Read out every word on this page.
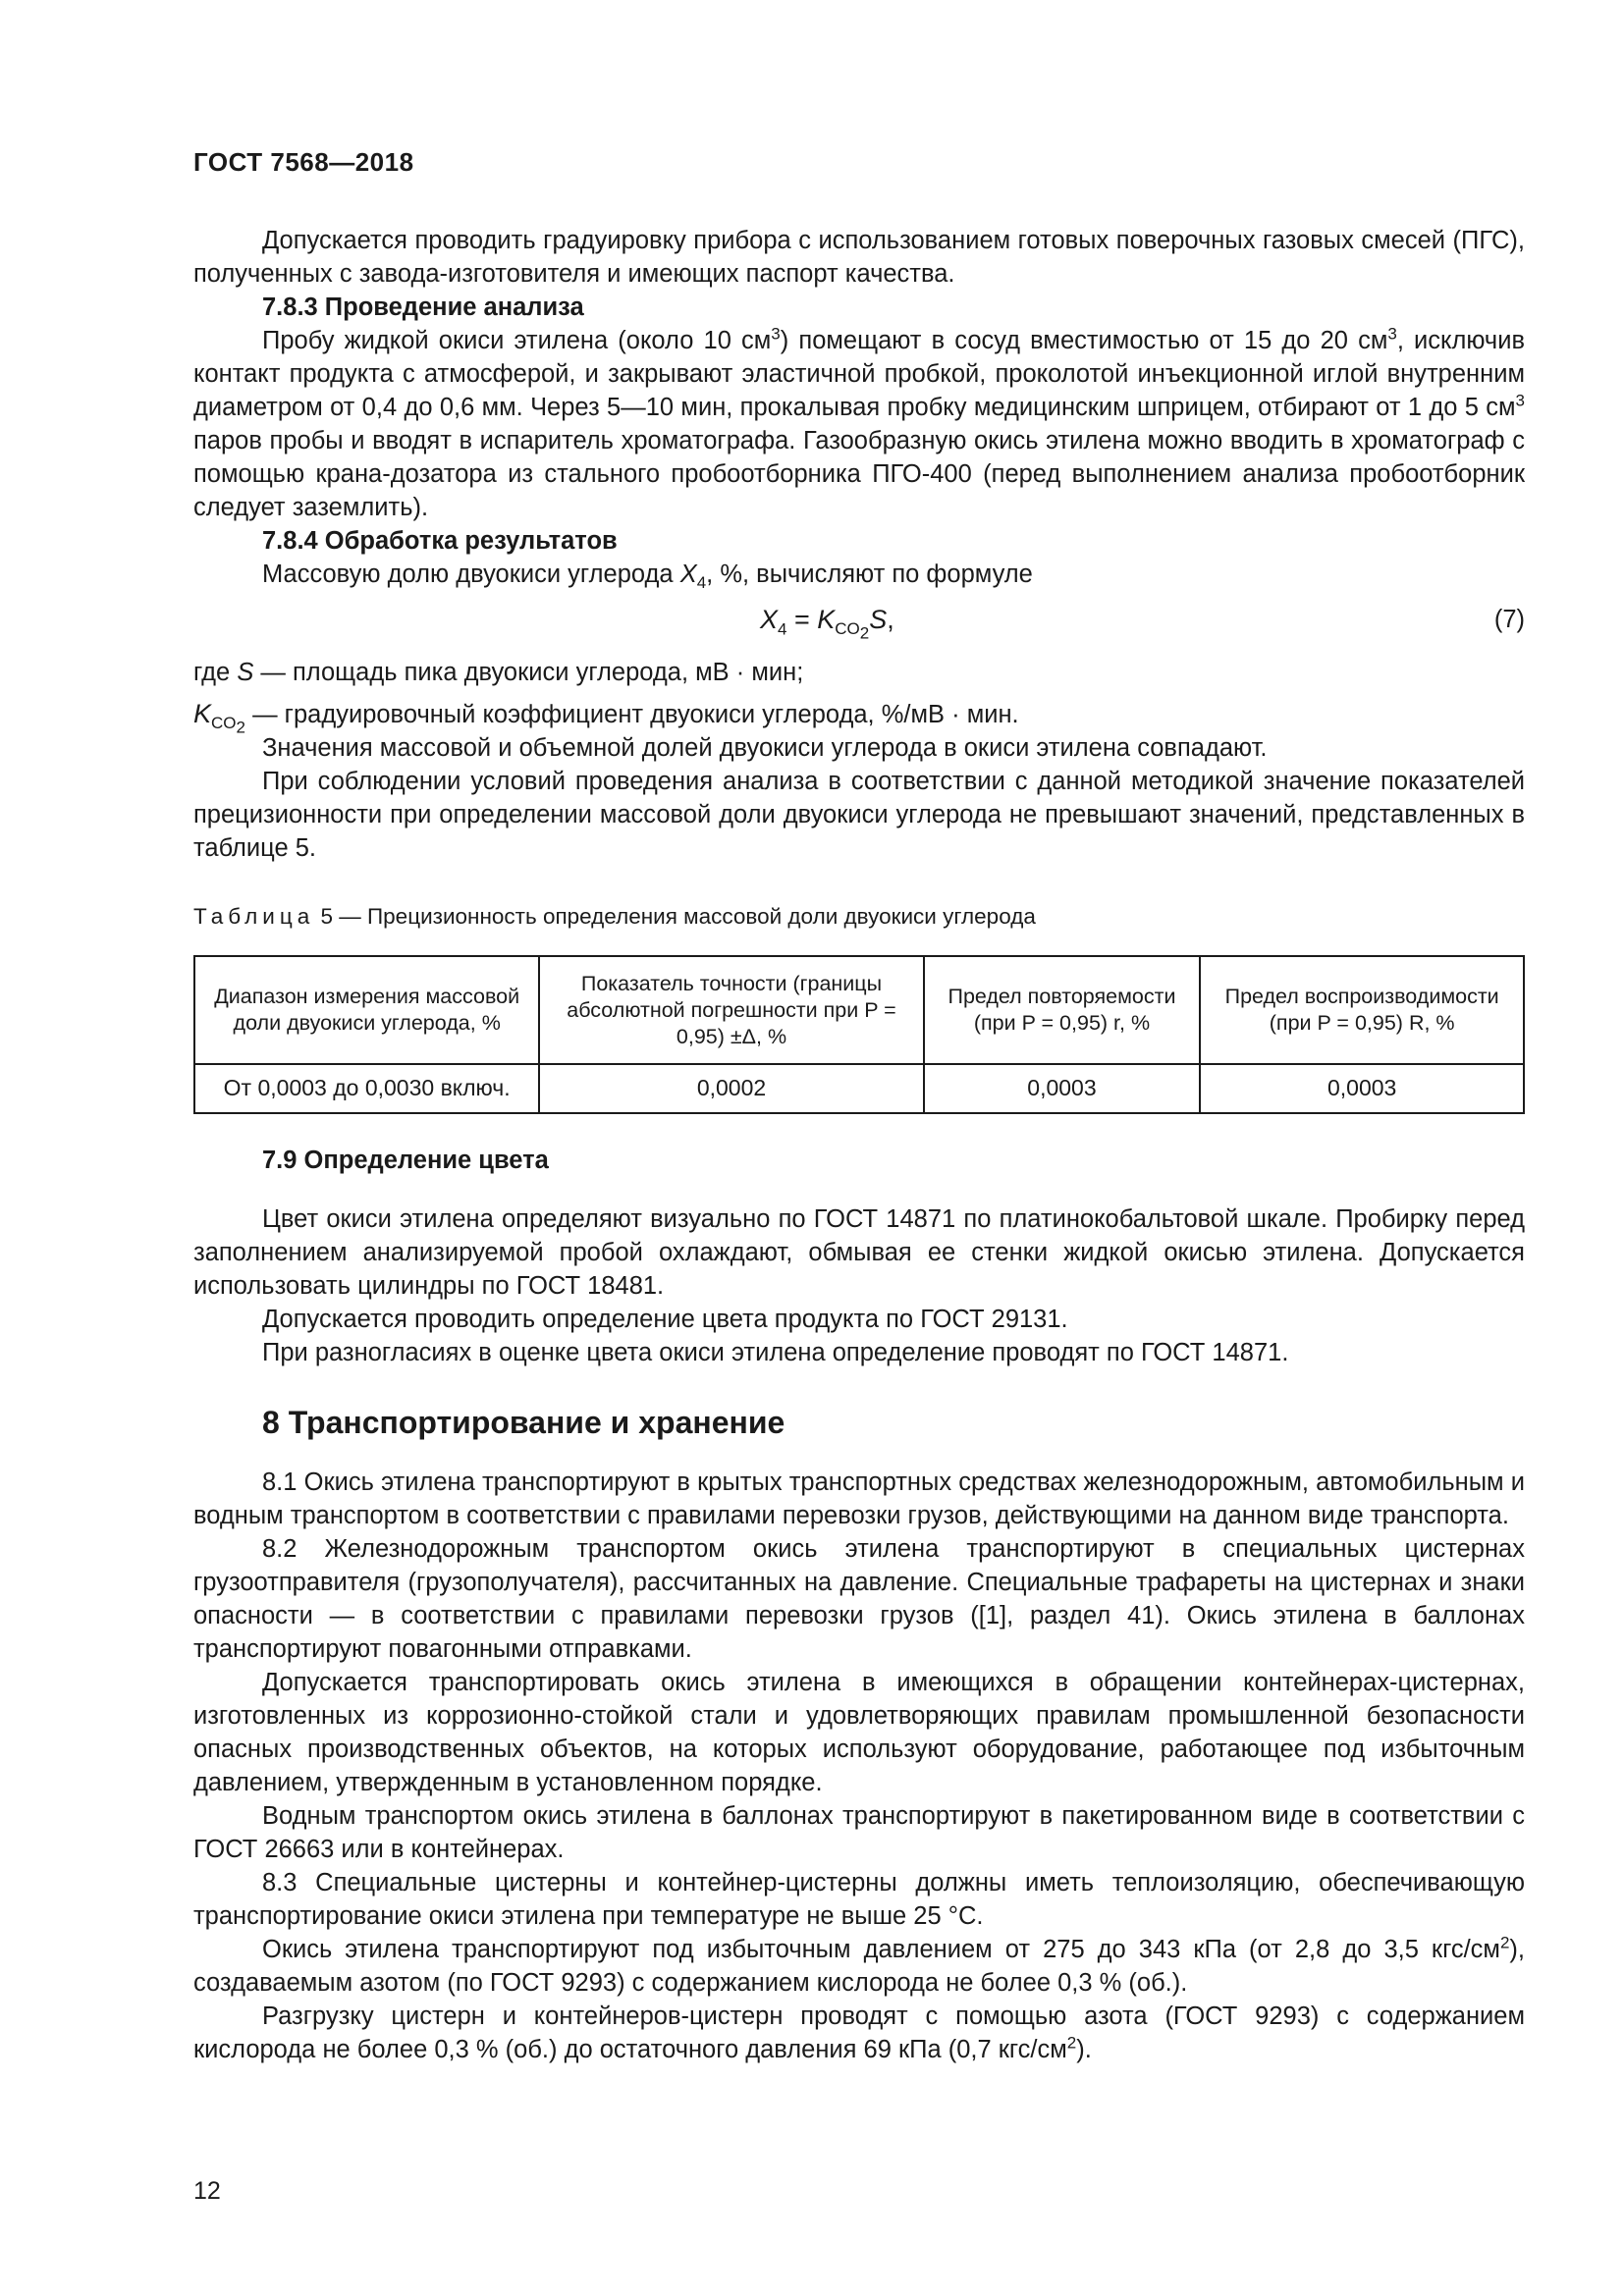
ГОСТ 7568—2018

Допускается проводить градуировку прибора с использованием готовых поверочных газовых смесей (ПГС), полученных с завода-изготовителя и имеющих паспорт качества.

7.8.3 Проведение анализа

Пробу жидкой окиси этилена (около 10 $см^3$) помещают в сосуд вместимостью от 15 до 20 $см^3$, исключив контакт продукта с атмосферой, и закрывают эластичной пробкой, проколотой инъекционной иглой внутренним диаметром от 0,4 до 0,6 мм. Через 5—10 мин, прокалывая пробку медицинским шприцем, отбирают от 1 до 5 $см^3$ паров пробы и вводят в испаритель хроматографа. Газообразную окись этилена можно вводить в хроматограф с помощью крана-дозатора из стального пробоотборника ПГО-400 (перед выполнением анализа пробоотборник следует заземлить).

7.8.4 Обработка результатов

Массовую долю двуокиси углерода $X_4$, %, вычисляют по формуле

$X_4 = K_{CO_2}S$,	(7)

где S — площадь пика двуокиси углерода, мВ · мин;

$K_{CO_2}$ — градуировочный коэффициент двуокиси углерода, %/мВ · мин.

Значения массовой и объемной долей двуокиси углерода в окиси этилена совпадают.

При соблюдении условий проведения анализа в соответствии с данной методикой значение показателей прецизионности при определении массовой доли двуокиси углерода не превышают значений, представленных в таблице 5.

Таблица 5 — Прецизионность определения массовой доли двуокиси углерода

Диапазон измерения массовой доли двуокиси углерода, %	Показатель точности (границы абсолютной погрешности при P = 0,95) ±Δ, %	Предел повторяемости (при P = 0,95) r, %	Предел воспроизводимости (при P = 0,95) R, %
От 0,0003 до 0,0030 включ.	0,0002	0,0003	0,0003

7.9 Определение цвета

Цвет окиси этилена определяют визуально по ГОСТ 14871 по платинокобальтовой шкале. Пробирку перед заполнением анализируемой пробой охлаждают, обмывая ее стенки жидкой окисью этилена. Допускается использовать цилиндры по ГОСТ 18481.

Допускается проводить определение цвета продукта по ГОСТ 29131.

При разногласиях в оценке цвета окиси этилена определение проводят по ГОСТ 14871.

8 Транспортирование и хранение

8.1 Окись этилена транспортируют в крытых транспортных средствах железнодорожным, автомобильным и водным транспортом в соответствии с правилами перевозки грузов, действующими на данном виде транспорта.

8.2 Железнодорожным транспортом окись этилена транспортируют в специальных цистернах грузоотправителя (грузополучателя), рассчитанных на давление. Специальные трафареты на цистернах и знаки опасности — в соответствии с правилами перевозки грузов ([1], раздел 41). Окись этилена в баллонах транспортируют повагонными отправками.

Допускается транспортировать окись этилена в имеющихся в обращении контейнерах-цистернах, изготовленных из коррозионно-стойкой стали и удовлетворяющих правилам промышленной безопасности опасных производственных объектов, на которых используют оборудование, работающее под избыточным давлением, утвержденным в установленном порядке.

Водным транспортом окись этилена в баллонах транспортируют в пакетированном виде в соответствии с ГОСТ 26663 или в контейнерах.

8.3 Специальные цистерны и контейнер-цистерны должны иметь теплоизоляцию, обеспечивающую транспортирование окиси этилена при температуре не выше 25 °С.

Окись этилена транспортируют под избыточным давлением от 275 до 343 кПа (от 2,8 до 3,5 кгс/$см^2$), создаваемым азотом (по ГОСТ 9293) с содержанием кислорода не более 0,3 % (об.).

Разгрузку цистерн и контейнеров-цистерн проводят с помощью азота (ГОСТ 9293) с содержанием кислорода не более 0,3 % (об.) до остаточного давления 69 кПа (0,7 кгс/$см^2$).

12
